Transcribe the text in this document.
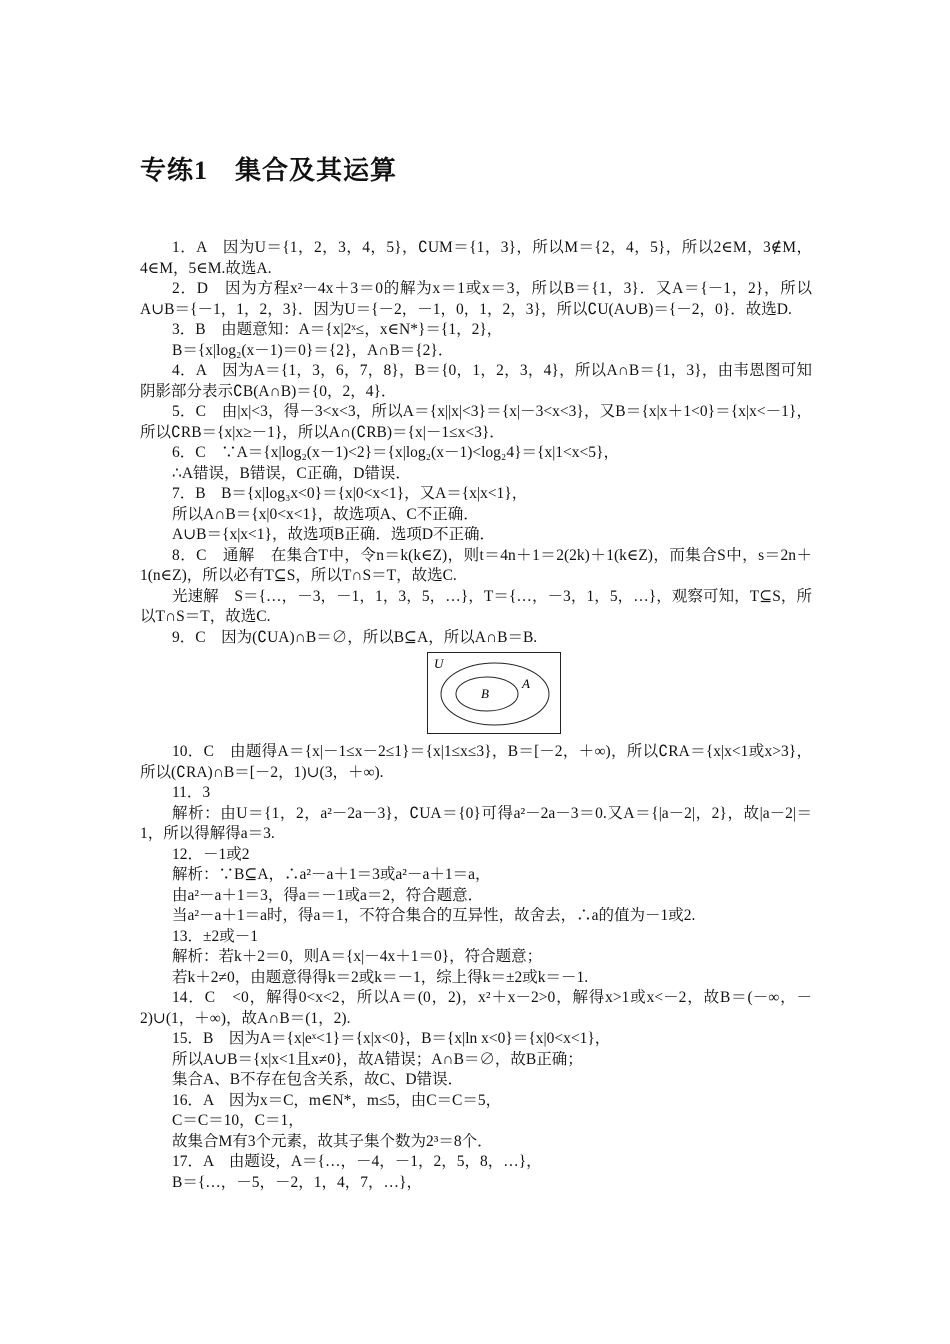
专练1　集合及其运算

1．A　因为U＝{1，2，3，4，5}，∁UM＝{1，3}，所以M＝{2，4，5}，所以2∈M，3∉M，4∈M，5∈M.故选A.

2．D　因为方程x²－4x＋3＝0的解为x＝1或x＝3，所以B＝{1，3}．又A＝{－1，2}，所以A∪B＝{－1，1，2，3}．因为U＝{－2，－1，0，1，2，3}，所以∁U(A∪B)＝{－2，0}．故选D.

3．B　由题意知：A＝{x|2ˣ≤，x∈N*}＝{1，2}，

B＝{x|log₂(x－1)＝0}＝{2}，A∩B＝{2}．

4．A　因为A＝{1，3，6，7，8}，B＝{0，1，2，3，4}，所以A∩B＝{1，3}，由韦恩图可知阴影部分表示∁B(A∩B)＝{0，2，4}．

5．C　由|x|<3，得－3<x<3，所以A＝{x||x|<3}＝{x|－3<x<3}，又B＝{x|x＋1<0}＝{x|x<－1}，所以∁RB＝{x|x≥－1}，所以A∩(∁RB)＝{x|－1≤x<3}．

6．C　∵A＝{x|log₂(x－1)<2}＝{x|log₂(x－1)<log₂4}＝{x|1<x<5}，

∴A错误，B错误，C正确，D错误．

7．B　B＝{x|log₃x<0}＝{x|0<x<1}，又A＝{x|x<1}，

所以A∩B＝{x|0<x<1}，故选项A、C不正确．

A∪B＝{x|x<1}，故选项B正确．选项D不正确．

8．C　通解　在集合T中，令n＝k(k∈Z)，则t＝4n＋1＝2(2k)＋1(k∈Z)，而集合S中，s＝2n＋1(n∈Z)，所以必有T⊆S，所以T∩S＝T，故选C.

光速解　S＝{…，－3，－1，1，3，5，…}，T＝{…，－3，1，5，…}，观察可知，T⊆S，所以T∩S＝T，故选C.

9．C　因为(∁UA)∩B＝∅，所以B⊆A，所以A∩B＝B.

U
A
B

10．C　由题得A＝{x|－1≤x－2≤1}＝{x|1≤x≤3}，B＝[－2，＋∞)，所以∁RA＝{x|x<1或x>3}，所以(∁RA)∩B＝[－2，1)∪(3，＋∞).

11．3

解析：由U＝{1，2，a²－2a－3}，∁UA＝{0}可得a²－2a－3＝0.又A＝{|a－2|，2}，故|a－2|＝1，所以得解得a＝3.

12．－1或2

解析：∵B⊆A，∴a²－a＋1＝3或a²－a＋1＝a，

由a²－a＋1＝3，得a＝－1或a＝2，符合题意．

当a²－a＋1＝a时，得a＝1，不符合集合的互异性，故舍去，∴a的值为－1或2.

13．±2或－1

解析：若k＋2＝0，则A＝{x|－4x＋1＝0}，符合题意；

若k＋2≠0，由题意得得k＝2或k＝－1，综上得k＝±2或k＝－1.

14．C　<0，解得0<x<2，所以A＝(0，2)，x²＋x－2>0，解得x>1或x<－2，故B＝(－∞，－2)∪(1，＋∞)，故A∩B＝(1，2).

15．B　因为A＝{x|eˣ<1}＝{x|x<0}，B＝{x|ln x<0}＝{x|0<x<1}，

所以A∪B＝{x|x<1且x≠0}，故A错误；A∩B＝∅，故B正确；

集合A、B不存在包含关系，故C、D错误．

16．A　因为x＝C，m∈N*，m≤5，由C＝C＝5，

C＝C＝10，C＝1，

故集合M有3个元素，故其子集个数为2³＝8个．

17．A　由题设，A＝{…，－4，－1，2，5，8，…}，

B＝{…，－5，－2，1，4，7，…}，
